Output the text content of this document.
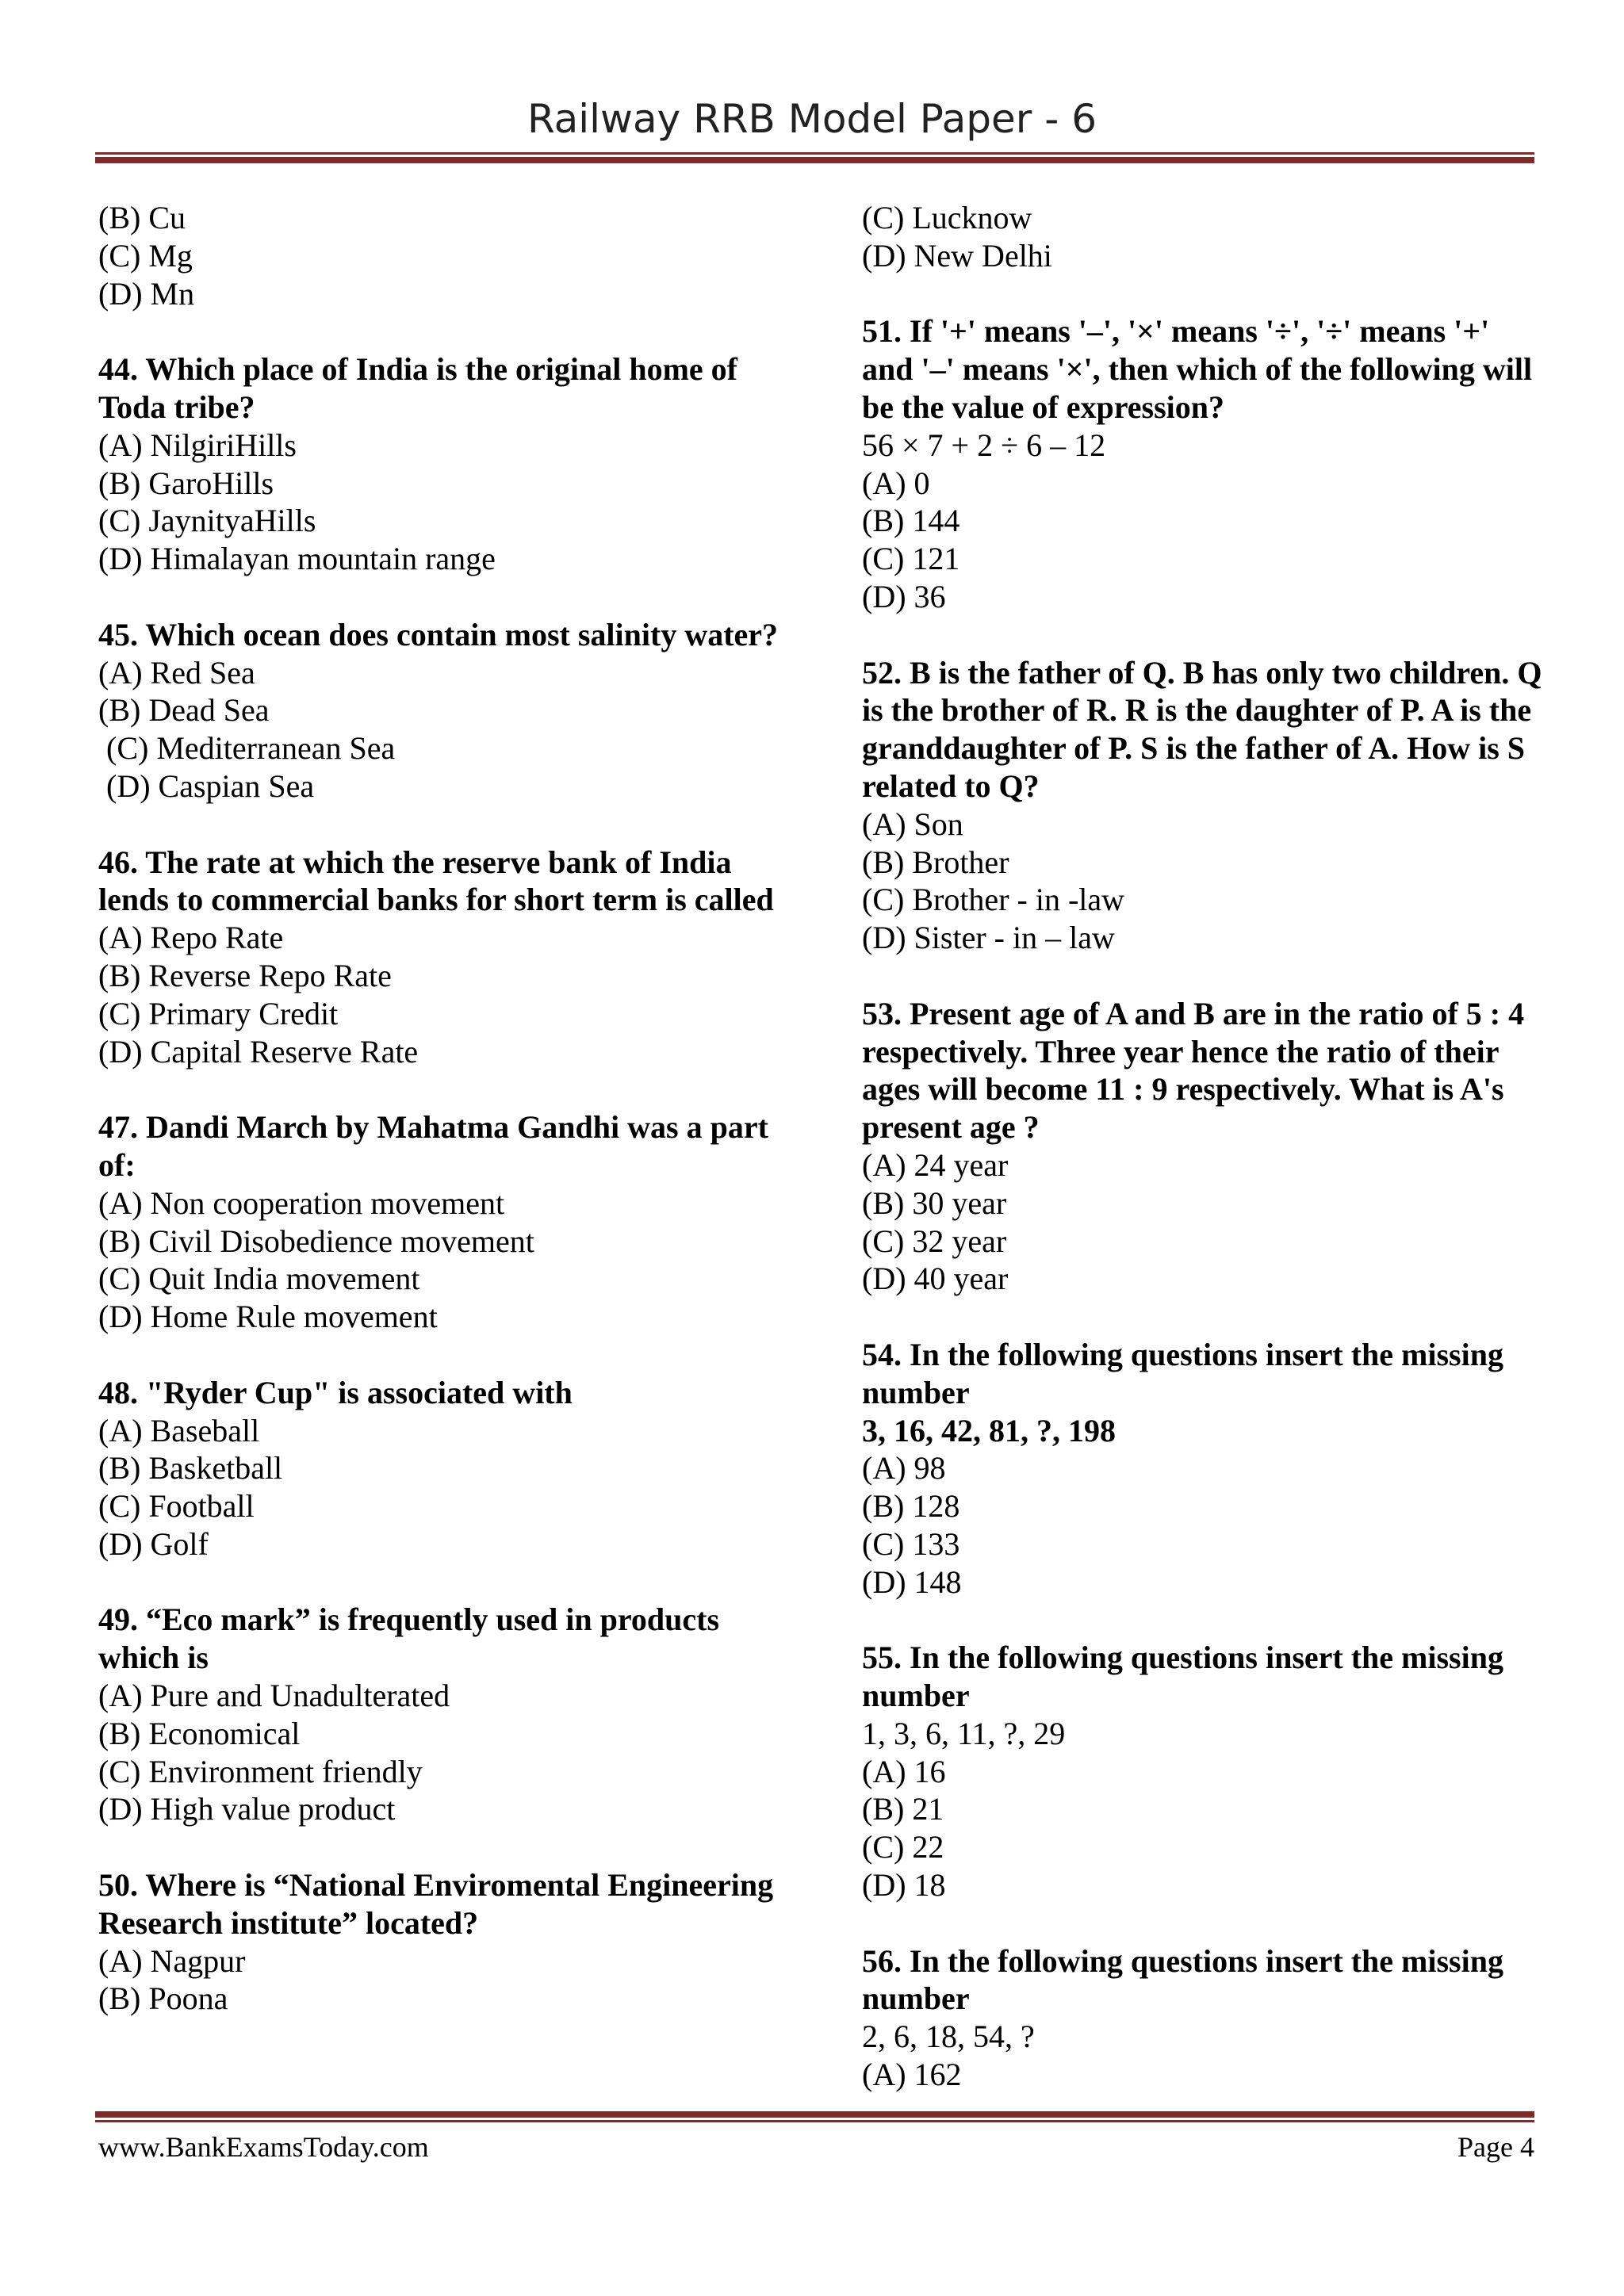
Railway RRB Model Paper - 6
(B) Cu
(C) Mg
(D) Mn
44. Which place of India is the original home of Toda tribe?
(A) NilgiriHills
(B) GaroHills
(C) JaynityaHills
(D) Himalayan mountain range
45. Which ocean does contain most salinity water?
(A) Red Sea
(B) Dead Sea
(C) Mediterranean Sea
(D) Caspian Sea
46. The rate at which the reserve bank of India lends to commercial banks for short term is called
(A) Repo Rate
(B) Reverse Repo Rate
(C) Primary Credit
(D) Capital Reserve Rate
47. Dandi March by Mahatma Gandhi was a part of:
(A) Non cooperation movement
(B) Civil Disobedience movement
(C) Quit India movement
(D) Home Rule movement
48. "Ryder Cup" is associated with
(A) Baseball
(B) Basketball
(C) Football
(D) Golf
49. “Eco mark” is frequently used in products which is
(A) Pure and Unadulterated
(B) Economical
(C) Environment friendly
(D) High value product
50. Where is “National Enviromental Engineering Research institute” located?
(A) Nagpur
(B) Poona
(C) Lucknow
(D) New Delhi
51. If '+' means '–', '×' means '÷', '÷' means '+' and '–' means '×', then which of the following will be the value of expression?
56 × 7 + 2 ÷ 6 – 12
(A) 0
(B) 144
(C) 121
(D) 36
52. B is the father of Q. B has only two children. Q is the brother of R. R is the daughter of P. A is the granddaughter of P. S is the father of A. How is S related to Q?
(A) Son
(B) Brother
(C) Brother - in -law
(D) Sister - in – law
53. Present age of A and B are in the ratio of 5 : 4 respectively. Three year hence the ratio of their ages will become 11 : 9 respectively. What is A's present age ?
(A) 24 year
(B) 30 year
(C) 32 year
(D) 40 year
54. In the following questions insert the missing number
3, 16, 42, 81, ?, 198
(A) 98
(B) 128
(C) 133
(D) 148
55. In the following questions insert the missing number
1, 3, 6, 11, ?, 29
(A) 16
(B) 21
(C) 22
(D) 18
56. In the following questions insert the missing number
2, 6, 18, 54, ?
(A) 162
www.BankExamsToday.com	Page 4
